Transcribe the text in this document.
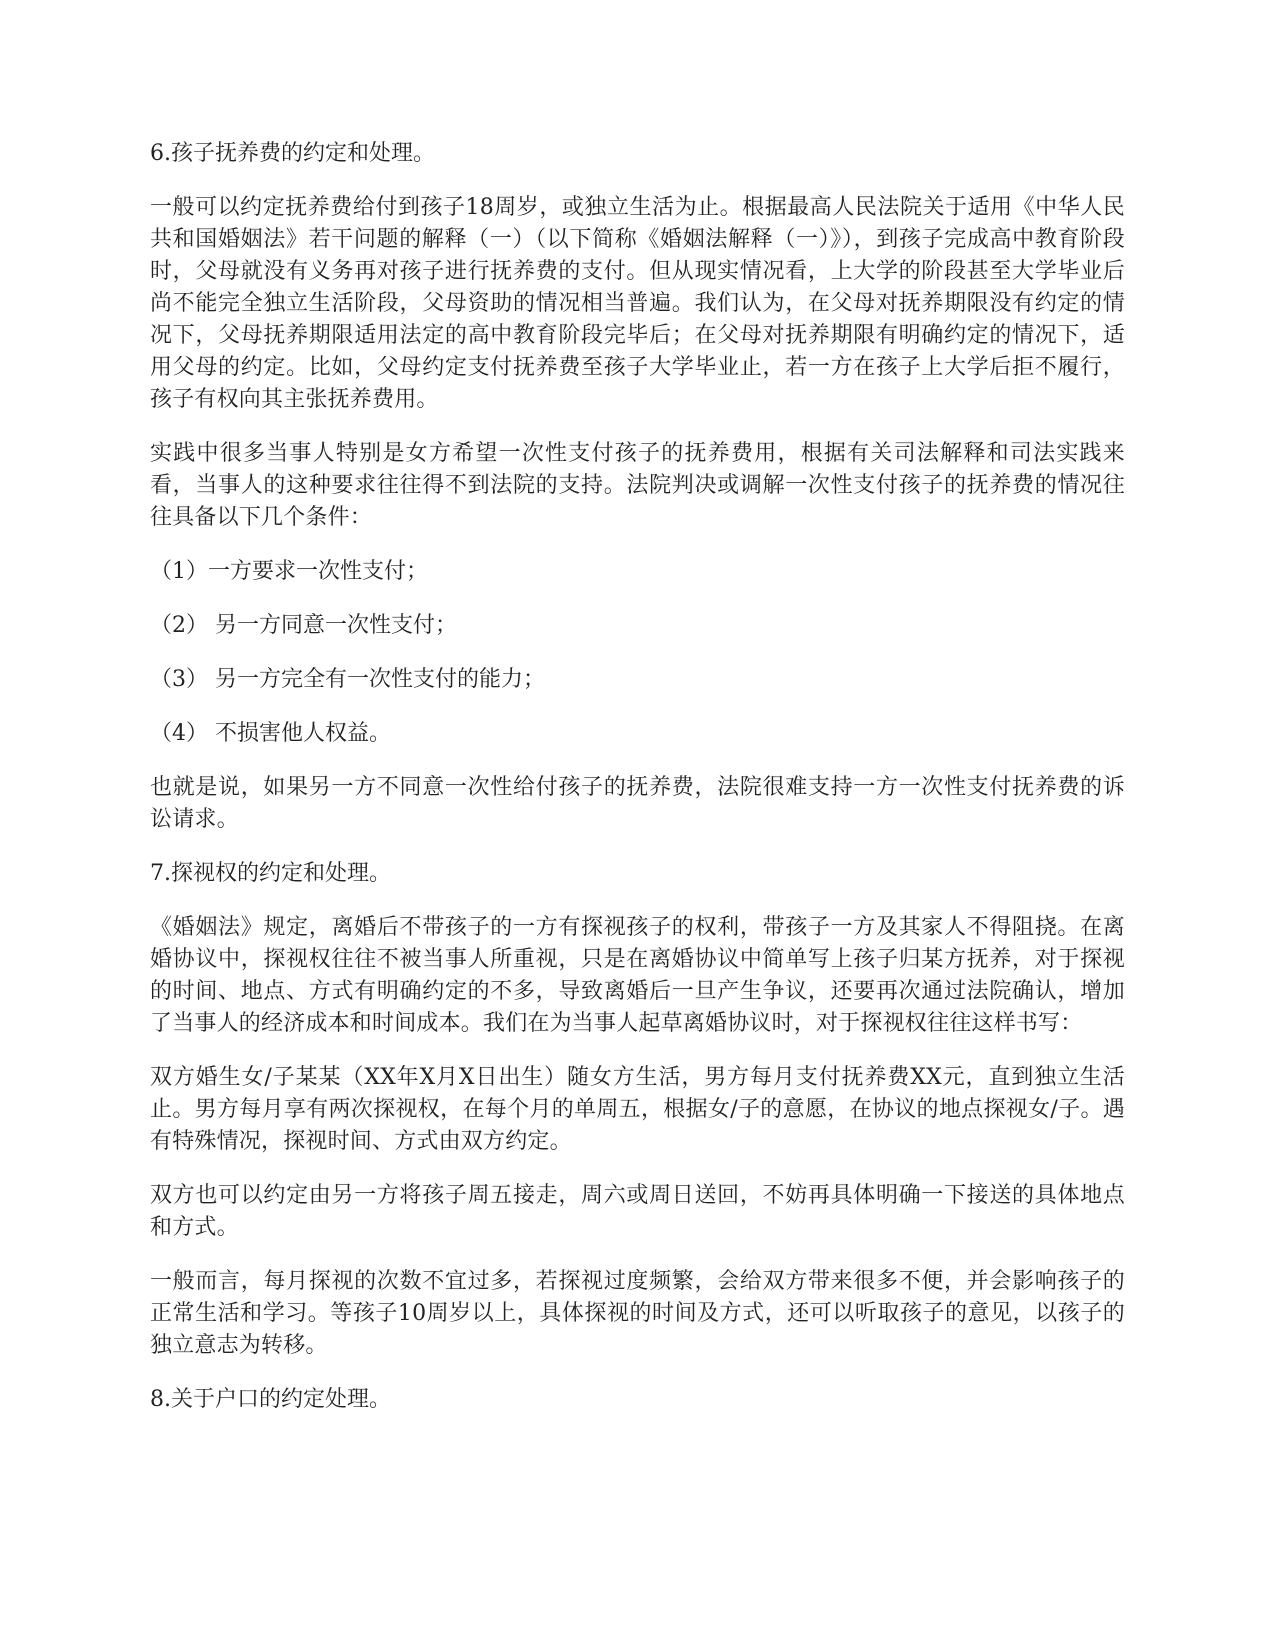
6.孩子抚养费的约定和处理。
一般可以约定抚养费给付到孩子18周岁，或独立生活为止。根据最高人民法院关于适用《中华人民共和国婚姻法》若干问题的解释（一）（以下简称《婚姻法解释（一）》），到孩子完成高中教育阶段时，父母就没有义务再对孩子进行抚养费的支付。但从现实情况看，上大学的阶段甚至大学毕业后尚不能完全独立生活阶段，父母资助的情况相当普遍。我们认为，在父母对抚养期限没有约定的情况下，父母抚养期限适用法定的高中教育阶段完毕后；在父母对抚养期限有明确约定的情况下，适用父母的约定。比如，父母约定支付抚养费至孩子大学毕业止，若一方在孩子上大学后拒不履行，孩子有权向其主张抚养费用。
实践中很多当事人特别是女方希望一次性支付孩子的抚养费用，根据有关司法解释和司法实践来看，当事人的这种要求往往得不到法院的支持。法院判决或调解一次性支付孩子的抚养费的情况往往具备以下几个条件：
（1）一方要求一次性支付；
（2） 另一方同意一次性支付；
（3） 另一方完全有一次性支付的能力；
（4） 不损害他人权益。
也就是说，如果另一方不同意一次性给付孩子的抚养费，法院很难支持一方一次性支付抚养费的诉讼请求。
7.探视权的约定和处理。
《婚姻法》规定，离婚后不带孩子的一方有探视孩子的权利，带孩子一方及其家人不得阻挠。在离婚协议中，探视权往往不被当事人所重视，只是在离婚协议中简单写上孩子归某方抚养，对于探视的时间、地点、方式有明确约定的不多，导致离婚后一旦产生争议，还要再次通过法院确认，增加了当事人的经济成本和时间成本。我们在为当事人起草离婚协议时，对于探视权往往这样书写：
双方婚生女/子某某（XX年X月X日出生）随女方生活，男方每月支付抚养费XX元，直到独立生活止。男方每月享有两次探视权，在每个月的单周五，根据女/子的意愿，在协议的地点探视女/子。遇有特殊情况，探视时间、方式由双方约定。
双方也可以约定由另一方将孩子周五接走，周六或周日送回，不妨再具体明确一下接送的具体地点和方式。
一般而言，每月探视的次数不宜过多，若探视过度频繁，会给双方带来很多不便，并会影响孩子的正常生活和学习。等孩子10周岁以上，具体探视的时间及方式，还可以听取孩子的意见，以孩子的独立意志为转移。
8.关于户口的约定处理。
